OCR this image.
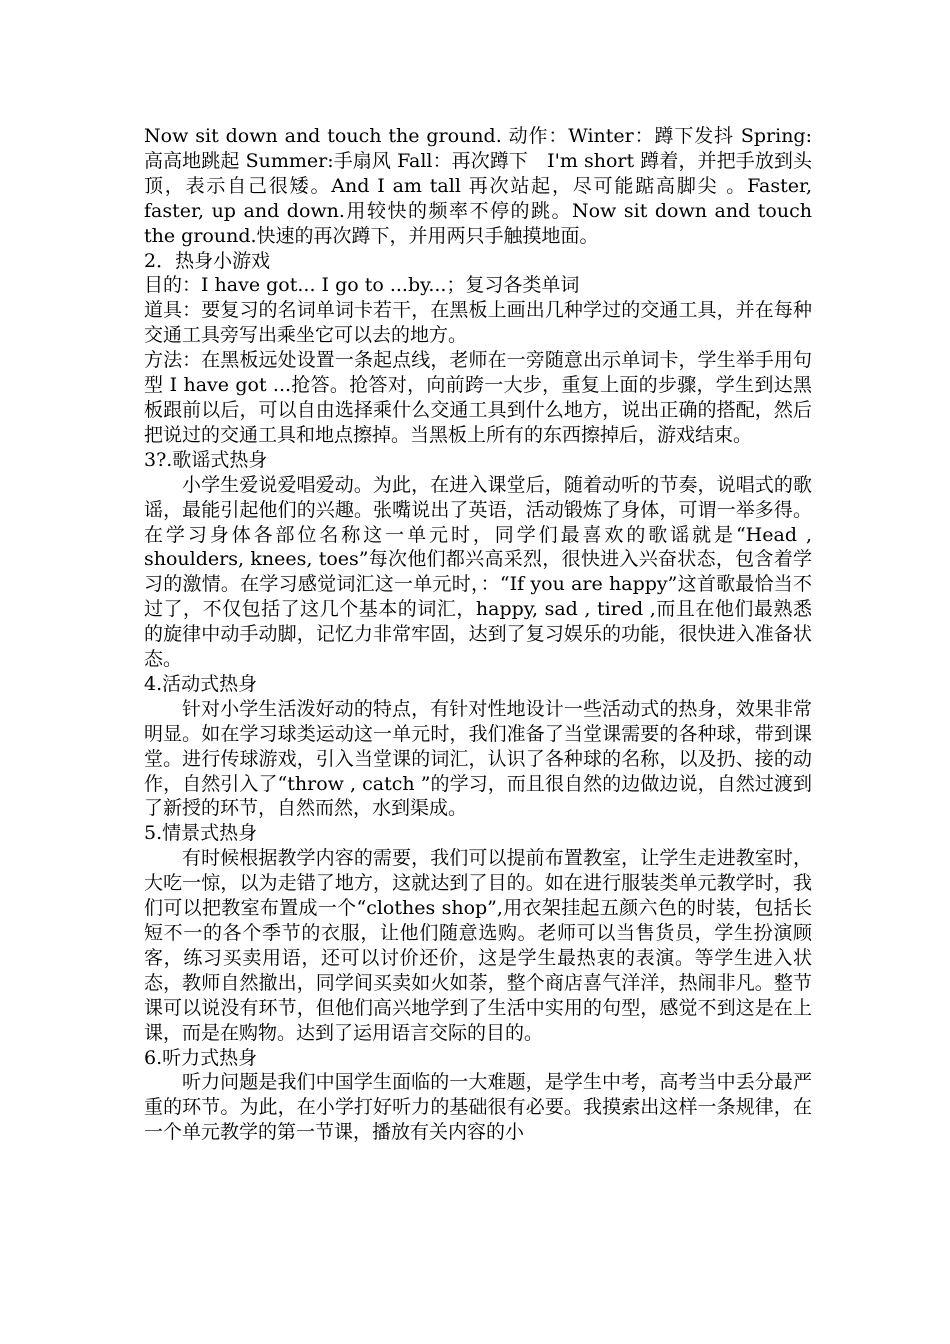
Now sit down and touch the ground. 动作：Winter：蹲下发抖 Spring:高高地跳起 Summer:手扇风 Fall：再次蹲下　I'm short 蹲着，并把手放到头顶，表示自己很矮。And I am tall 再次站起，尽可能踮高脚尖 。Faster, faster, up and down.用较快的频率不停的跳。Now sit down and touch the ground.快速的再次蹲下，并用两只手触摸地面。

2．热身小游戏

目的：I have got... I go to ...by...；复习各类单词

道具：要复习的名词单词卡若干，在黑板上画出几种学过的交通工具，并在每种交通工具旁写出乘坐它可以去的地方。

方法：在黑板远处设置一条起点线，老师在一旁随意出示单词卡，学生举手用句型 I have got ...抢答。抢答对，向前跨一大步，重复上面的步骤，学生到达黑板跟前以后，可以自由选择乘什么交通工具到什么地方，说出正确的搭配，然后把说过的交通工具和地点擦掉。当黑板上所有的东西擦掉后，游戏结束。

3?.歌谣式热身

小学生爱说爱唱爱动。为此，在进入课堂后，随着动听的节奏，说唱式的歌谣，最能引起他们的兴趣。张嘴说出了英语，活动锻炼了身体，可谓一举多得。在学习身体各部位名称这一单元时，同学们最喜欢的歌谣就是“Head , shoulders, knees, toes”每次他们都兴高采烈，很快进入兴奋状态，包含着学习的激情。在学习感觉词汇这一单元时，：“If you are happy”这首歌最恰当不过了，不仅包括了这几个基本的词汇，happy, sad , tired ,而且在他们最熟悉的旋律中动手动脚，记忆力非常牢固，达到了复习娱乐的功能，很快进入准备状态。

4.活动式热身

针对小学生活泼好动的特点，有针对性地设计一些活动式的热身，效果非常明显。如在学习球类运动这一单元时，我们准备了当堂课需要的各种球，带到课堂。进行传球游戏，引入当堂课的词汇，认识了各种球的名称，以及扔、接的动作，自然引入了“throw , catch ”的学习，而且很自然的边做边说，自然过渡到了新授的环节，自然而然，水到渠成。

5.情景式热身

有时候根据教学内容的需要，我们可以提前布置教室，让学生走进教室时，大吃一惊，以为走错了地方，这就达到了目的。如在进行服装类单元教学时，我们可以把教室布置成一个“clothes shop”,用衣架挂起五颜六色的时装，包括长短不一的各个季节的衣服，让他们随意选购。老师可以当售货员，学生扮演顾客，练习买卖用语，还可以讨价还价，这是学生最热衷的表演。等学生进入状态，教师自然撤出，同学间买卖如火如荼，整个商店喜气洋洋，热闹非凡。整节课可以说没有环节，但他们高兴地学到了生活中实用的句型，感觉不到这是在上课，而是在购物。达到了运用语言交际的目的。

6.听力式热身

听力问题是我们中国学生面临的一大难题，是学生中考，高考当中丢分最严重的环节。为此，在小学打好听力的基础很有必要。我摸索出这样一条规律，在一个单元教学的第一节课，播放有关内容的小
